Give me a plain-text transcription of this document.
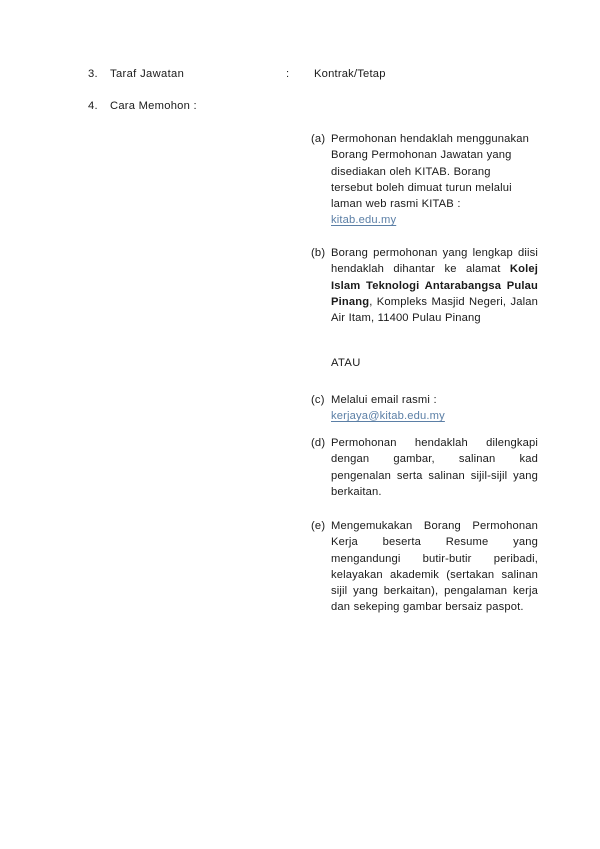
3.	Taraf Jawatan	:	Kontrak/Tetap
4.	Cara Memohon :
(a) Permohonan hendaklah menggunakan

Borang Permohonan Jawatan yang

disediakan oleh KITAB. Borang

tersebut boleh dimuat turun melalui

laman web rasmi KITAB :

kitab.edu.my

(b) Borang permohonan yang lengkap diisi hendaklah dihantar ke alamat Kolej Islam Teknologi Antarabangsa Pulau Pinang, Kompleks Masjid Negeri, Jalan Air Itam, 11400 Pulau Pinang
ATAU
(c) Melalui email rasmi :

kerjaya@kitab.edu.my

(d) Permohonan hendaklah dilengkapi dengan gambar, salinan kad pengenalan serta salinan sijil-sijil yang berkaitan.
(e) Mengemukakan Borang Permohonan Kerja beserta Resume yang mengandungi butir-butir peribadi, kelayakan akademik (sertakan salinan sijil yang berkaitan), pengalaman kerja dan sekeping gambar bersaiz paspot.
